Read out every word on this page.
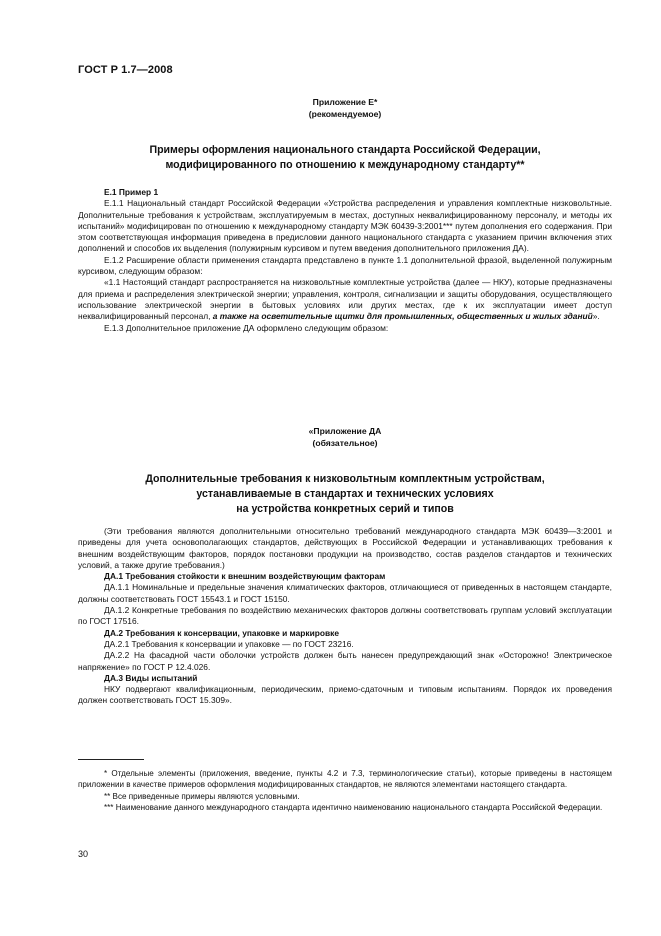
ГОСТ Р 1.7—2008
Приложение Е*
(рекомендуемое)
Примеры оформления национального стандарта Российской Федерации,
модифицированного по отношению к международному стандарту**

Е.1 Пример 1

Е.1.1 Национальный стандарт Российской Федерации «Устройства распределения и управления комплектные низковольтные. Дополнительные требования к устройствам, эксплуатируемым в местах, доступных неквалифицированному персоналу, и методы их испытаний» модифицирован по отношению к международному стандарту МЭК 60439-3:2001*** путем дополнения его содержания. При этом соответствующая информация приведена в предисловии данного национального стандарта с указанием причин включения этих дополнений и способов их выделения (полужирным курсивом и путем введения дополнительного приложения ДА).

Е.1.2 Расширение области применения стандарта представлено в пункте 1.1 дополнительной фразой, выделенной полужирным курсивом, следующим образом:

«1.1 Настоящий стандарт распространяется на низковольтные комплектные устройства (далее — НКУ), которые предназначены для приема и распределения электрической энергии; управления, контроля, сигнализации и защиты оборудования, осуществляющего использование электрической энергии в бытовых условиях или других местах, где к их эксплуатации имеет доступ неквалифицированный персонал, а также на осветительные щитки для промышленных, общественных и жилых зданий».

Е.1.3 Дополнительное приложение ДА оформлено следующим образом:

«Приложение ДА
(обязательное)
Дополнительные требования к низковольтным комплектным устройствам,
устанавливаемые в стандартах и технических условиях
на устройства конкретных серий и типов

(Эти требования являются дополнительными относительно требований международного стандарта МЭК 60439—3:2001 и приведены для учета основополагающих стандартов, действующих в Российской Федерации и устанавливающих требования к внешним воздействующим факторов, порядок постановки продукции на производство, состав разделов стандартов и технических условий, а также другие требования.)

ДА.1 Требования стойкости к внешним воздействующим факторам

ДА.1.1 Номинальные и предельные значения климатических факторов, отличающиеся от приведенных в настоящем стандарте, должны соответствовать ГОСТ 15543.1 и ГОСТ 15150.

ДА.1.2 Конкретные требования по воздействию механических факторов должны соответствовать группам условий эксплуатации по ГОСТ 17516.

ДА.2 Требования к консервации, упаковке и маркировке

ДА.2.1 Требования к консервации и упаковке — по ГОСТ 23216.

ДА.2.2 На фасадной части оболочки устройств должен быть нанесен предупреждающий знак «Осторожно! Электрическое напряжение» по ГОСТ Р 12.4.026.

ДА.3 Виды испытаний

НКУ подвергают квалификационным, периодическим, приемо-сдаточным и типовым испытаниям. Порядок их проведения должен соответствовать ГОСТ 15.309».

* Отдельные элементы (приложения, введение, пункты 4.2 и 7.3, терминологические статьи), которые приведены в настоящем приложении в качестве примеров оформления модифицированных стандартов, не являются элементами настоящего стандарта.

** Все приведенные примеры являются условными.

*** Наименование данного международного стандарта идентично наименованию национального стандарта Российской Федерации.

30
